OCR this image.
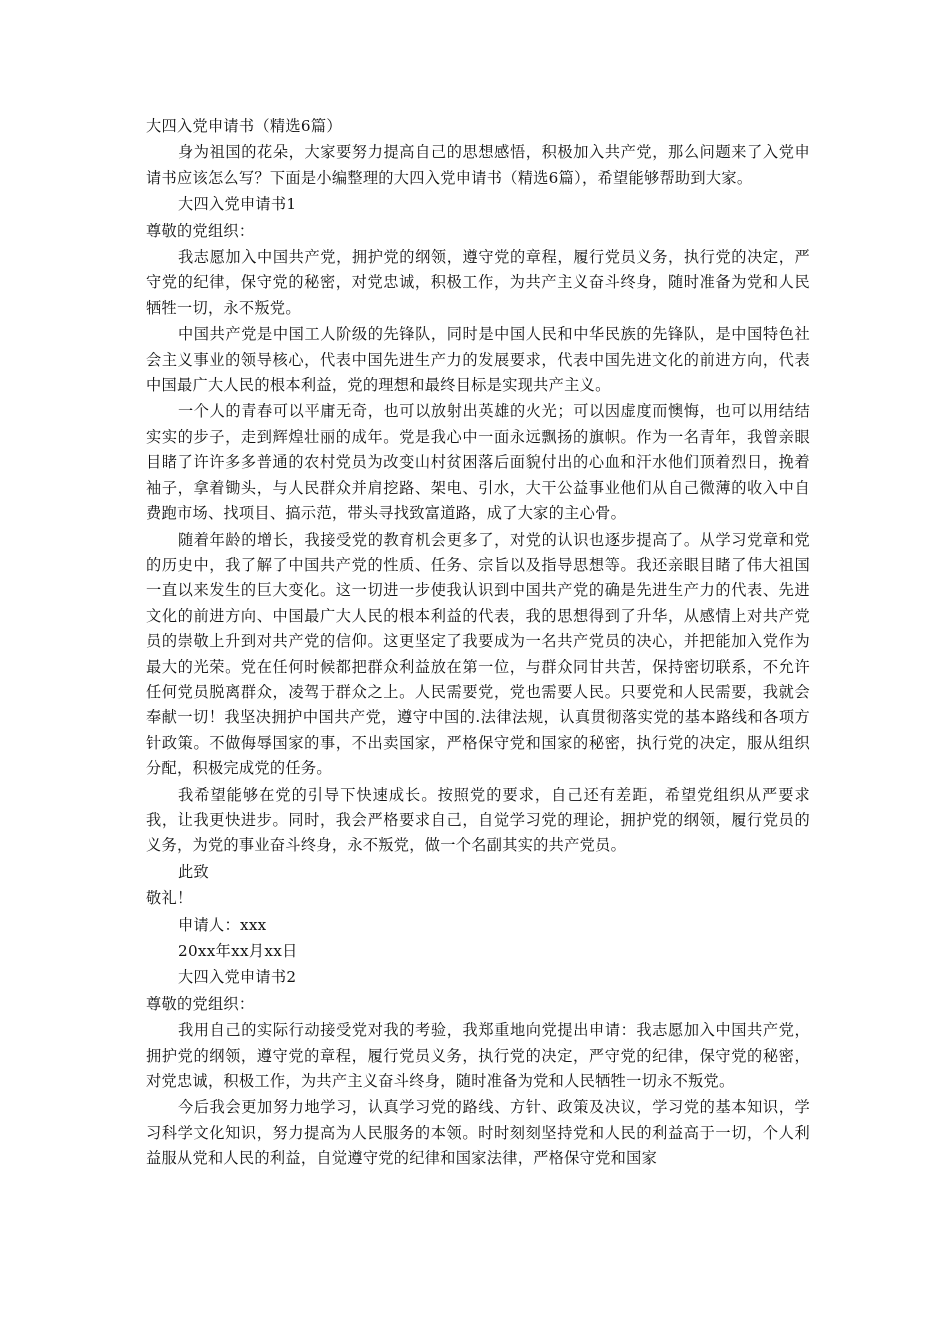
大四入党申请书（精选6篇）

身为祖国的花朵，大家要努力提高自己的思想感悟，积极加入共产党，那么问题来了入党申请书应该怎么写？下面是小编整理的大四入党申请书（精选6篇），希望能够帮助到大家。

大四入党申请书1

尊敬的党组织：

我志愿加入中国共产党，拥护党的纲领，遵守党的章程，履行党员义务，执行党的决定，严守党的纪律，保守党的秘密，对党忠诚，积极工作，为共产主义奋斗终身，随时准备为党和人民牺牲一切，永不叛党。

中国共产党是中国工人阶级的先锋队，同时是中国人民和中华民族的先锋队，是中国特色社会主义事业的领导核心，代表中国先进生产力的发展要求，代表中国先进文化的前进方向，代表中国最广大人民的根本利益，党的理想和最终目标是实现共产主义。

一个人的青春可以平庸无奇，也可以放射出英雄的火光；可以因虚度而懊悔，也可以用结结实实的步子，走到辉煌壮丽的成年。党是我心中一面永远飘扬的旗帜。作为一名青年，我曾亲眼目睹了许许多多普通的农村党员为改变山村贫困落后面貌付出的心血和汗水他们顶着烈日，挽着袖子，拿着锄头，与人民群众并肩挖路、架电、引水，大干公益事业他们从自己微薄的收入中自费跑市场、找项目、搞示范，带头寻找致富道路，成了大家的主心骨。

随着年龄的增长，我接受党的教育机会更多了，对党的认识也逐步提高了。从学习党章和党的历史中，我了解了中国共产党的性质、任务、宗旨以及指导思想等。我还亲眼目睹了伟大祖国一直以来发生的巨大变化。这一切进一步使我认识到中国共产党的确是先进生产力的代表、先进文化的前进方向、中国最广大人民的根本利益的代表，我的思想得到了升华，从感情上对共产党员的崇敬上升到对共产党的信仰。这更坚定了我要成为一名共产党员的决心，并把能加入党作为最大的光荣。党在任何时候都把群众利益放在第一位，与群众同甘共苦，保持密切联系，不允许任何党员脱离群众，凌驾于群众之上。人民需要党，党也需要人民。只要党和人民需要，我就会奉献一切！我坚决拥护中国共产党，遵守中国的.法律法规，认真贯彻落实党的基本路线和各项方针政策。不做侮辱国家的事，不出卖国家，严格保守党和国家的秘密，执行党的决定，服从组织分配，积极完成党的任务。

我希望能够在党的引导下快速成长。按照党的要求，自己还有差距，希望党组织从严要求我，让我更快进步。同时，我会严格要求自己，自觉学习党的理论，拥护党的纲领，履行党员的义务，为党的事业奋斗终身，永不叛党，做一个名副其实的共产党员。

此致

敬礼！

申请人：xxx

20xx年xx月xx日

大四入党申请书2

尊敬的党组织：

我用自己的实际行动接受党对我的考验，我郑重地向党提出申请：我志愿加入中国共产党，拥护党的纲领，遵守党的章程，履行党员义务，执行党的决定，严守党的纪律，保守党的秘密，对党忠诚，积极工作，为共产主义奋斗终身，随时准备为党和人民牺牲一切永不叛党。

今后我会更加努力地学习，认真学习党的路线、方针、政策及决议，学习党的基本知识，学习科学文化知识，努力提高为人民服务的本领。时时刻刻坚持党和人民的利益高于一切，个人利益服从党和人民的利益，自觉遵守党的纪律和国家法律，严格保守党和国家
